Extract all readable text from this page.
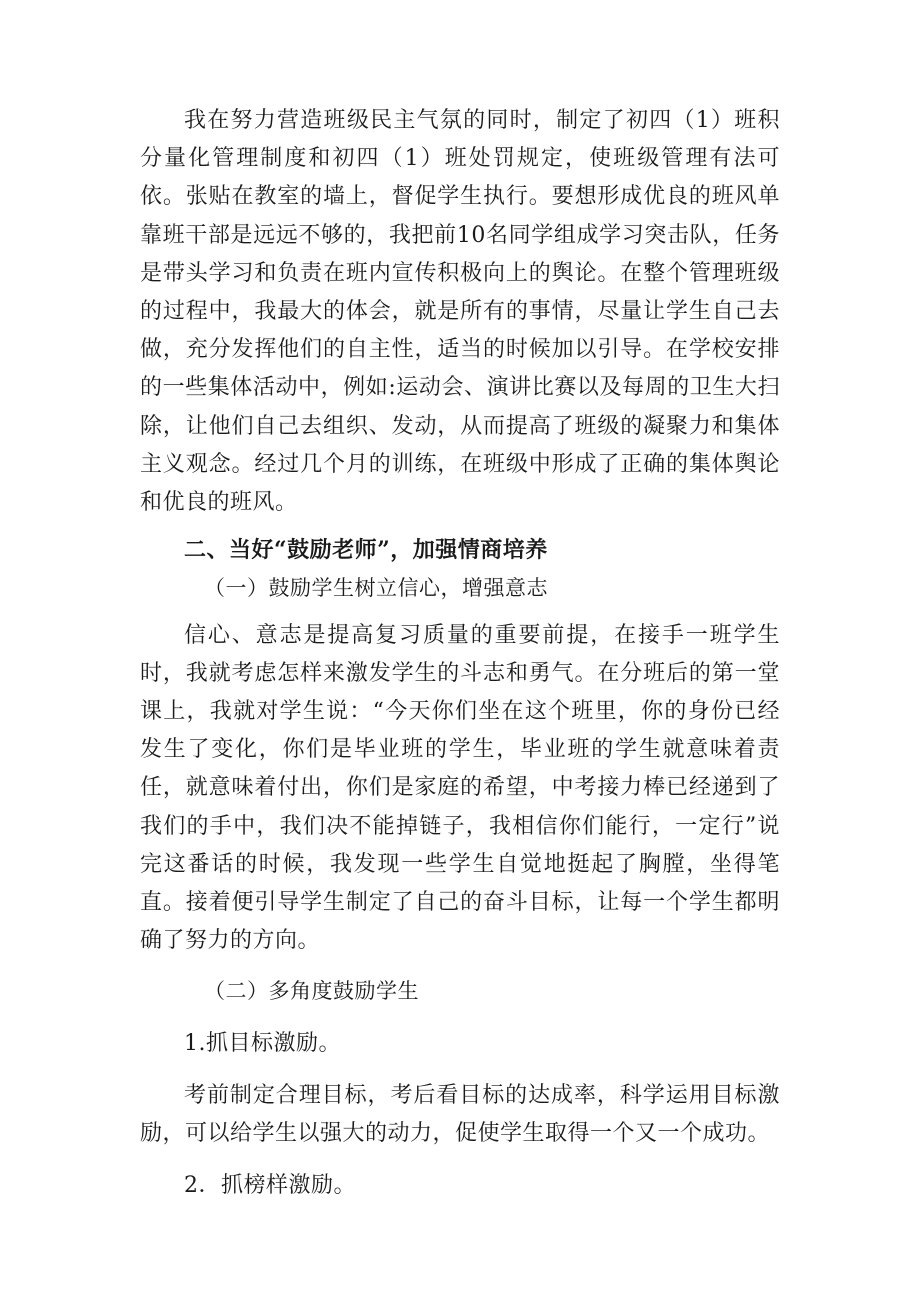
我在努力营造班级民主气氛的同时，制定了初四（1）班积分量化管理制度和初四（1）班处罚规定，使班级管理有法可依。张贴在教室的墙上，督促学生执行。要想形成优良的班风单靠班干部是远远不够的，我把前10名同学组成学习突击队，任务是带头学习和负责在班内宣传积极向上的舆论。在整个管理班级的过程中，我最大的体会，就是所有的事情，尽量让学生自己去做，充分发挥他们的自主性，适当的时候加以引导。在学校安排的一些集体活动中，例如:运动会、演讲比赛以及每周的卫生大扫除，让他们自己去组织、发动，从而提高了班级的凝聚力和集体主义观念。经过几个月的训练，在班级中形成了正确的集体舆论和优良的班风。

二、当好“鼓励老师”，加强情商培养

（一）鼓励学生树立信心，增强意志

信心、意志是提高复习质量的重要前提，在接手一班学生时，我就考虑怎样来激发学生的斗志和勇气。在分班后的第一堂课上，我就对学生说：“今天你们坐在这个班里，你的身份已经发生了变化，你们是毕业班的学生，毕业班的学生就意味着责任，就意味着付出，你们是家庭的希望，中考接力棒已经递到了我们的手中，我们决不能掉链子，我相信你们能行，一定行”说完这番话的时候，我发现一些学生自觉地挺起了胸膛，坐得笔直。接着便引导学生制定了自己的奋斗目标，让每一个学生都明确了努力的方向。

（二）多角度鼓励学生

1.抓目标激励。

考前制定合理目标，考后看目标的达成率，科学运用目标激励，可以给学生以强大的动力，促使学生取得一个又一个成功。

2．抓榜样激励。
